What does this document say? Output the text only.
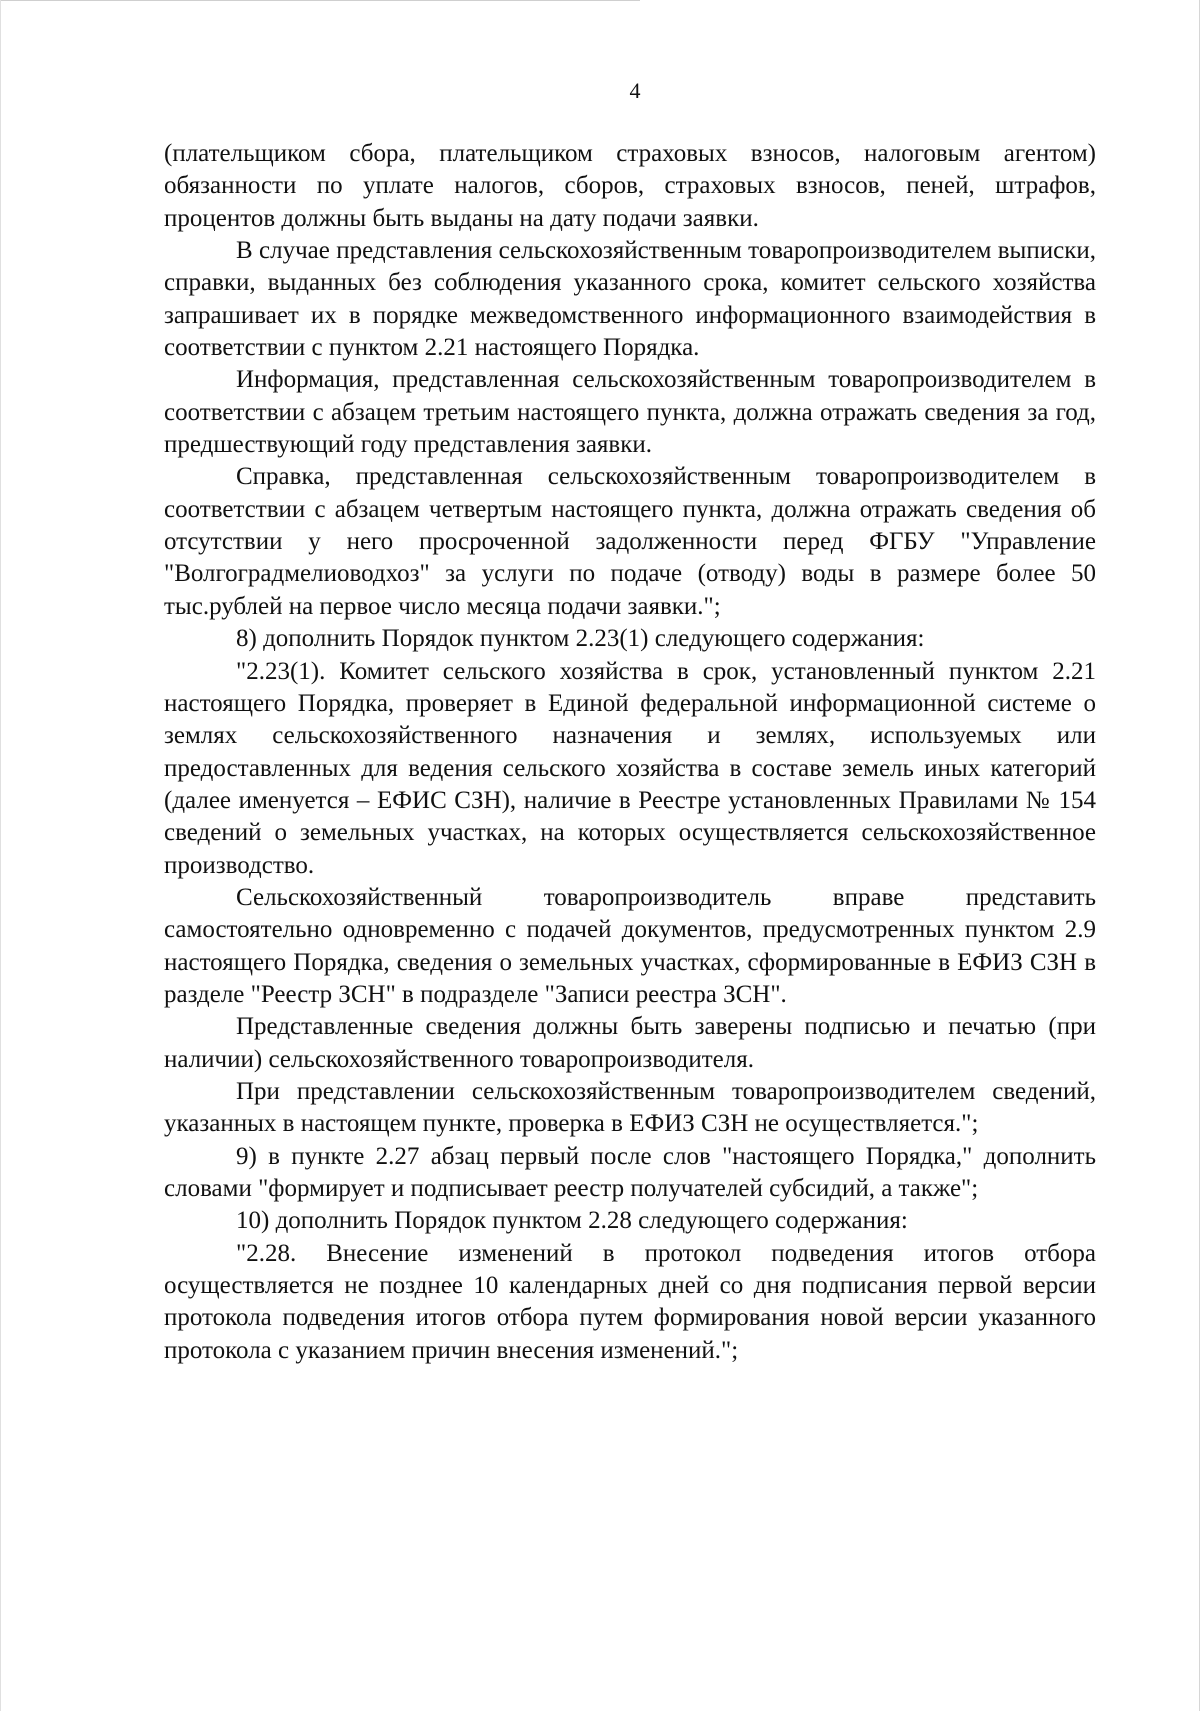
4

(плательщиком сбора, плательщиком страховых взносов, налоговым агентом) обязанности по уплате налогов, сборов, страховых взносов, пеней, штрафов, процентов должны быть выданы на дату подачи заявки.

В случае представления сельскохозяйственным товаропроизводителем выписки, справки, выданных без соблюдения указанного срока, комитет сельского хозяйства запрашивает их в порядке межведомственного информационного взаимодействия в соответствии с пунктом 2.21 настоящего Порядка.

Информация, представленная сельскохозяйственным товаропроизводителем в соответствии с абзацем третьим настоящего пункта, должна отражать сведения за год, предшествующий году представления заявки.

Справка, представленная сельскохозяйственным товаропроизводителем в соответствии с абзацем четвертым настоящего пункта, должна отражать сведения об отсутствии у него просроченной задолженности перед ФГБУ "Управление "Волгоградмелиоводхоз" за услуги по подаче (отводу) воды в размере более 50 тыс.рублей на первое число месяца подачи заявки.";

8) дополнить Порядок пунктом 2.23(1) следующего содержания:

"2.23(1). Комитет сельского хозяйства в срок, установленный пунктом 2.21 настоящего Порядка, проверяет в Единой федеральной информационной системе о землях сельскохозяйственного назначения и землях, используемых или предоставленных для ведения сельского хозяйства в составе земель иных категорий (далее именуется – ЕФИС СЗН), наличие в Реестре установленных Правилами № 154 сведений о земельных участках, на которых осуществляется сельскохозяйственное производство.

Сельскохозяйственный товаропроизводитель вправе представить самостоятельно одновременно с подачей документов, предусмотренных пунктом 2.9 настоящего Порядка, сведения о земельных участках, сформированные в ЕФИЗ СЗН в разделе "Реестр ЗСН" в подразделе "Записи реестра ЗСН".

Представленные сведения должны быть заверены подписью и печатью (при наличии) сельскохозяйственного товаропроизводителя.

При представлении сельскохозяйственным товаропроизводителем сведений, указанных в настоящем пункте, проверка в ЕФИЗ СЗН не осуществляется.";

9) в пункте 2.27 абзац первый после слов "настоящего Порядка," дополнить словами "формирует и подписывает реестр получателей субсидий, а также";

10) дополнить Порядок пунктом 2.28 следующего содержания:

"2.28. Внесение изменений в протокол подведения итогов отбора осуществляется не позднее 10 календарных дней со дня подписания первой версии протокола подведения итогов отбора путем формирования новой версии указанного протокола с указанием причин внесения изменений.";
